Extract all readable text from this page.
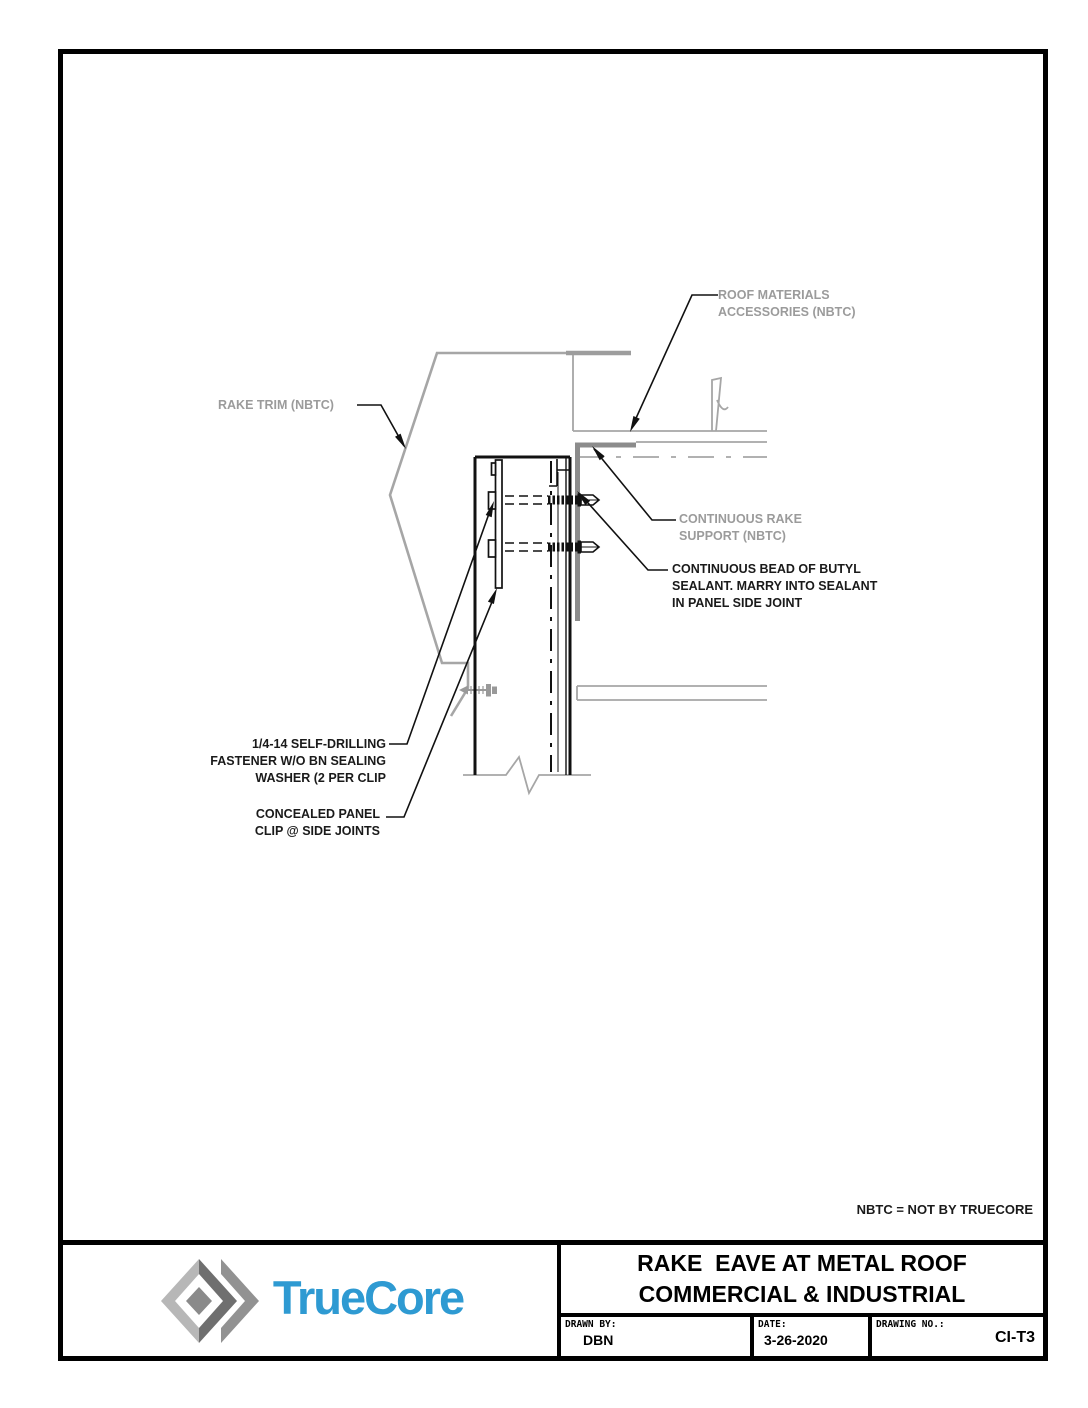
ROOF MATERIALS
ACCESSORIES (NBTC)
RAKE TRIM (NBTC)
CONTINUOUS RAKE
SUPPORT (NBTC)
CONTINUOUS BEAD OF BUTYL
SEALANT. MARRY INTO SEALANT
IN PANEL SIDE JOINT
1/4-14 SELF-DRILLING
FASTENER W/O BN SEALING
WASHER (2 PER CLIP
CONCEALED PANEL
CLIP @ SIDE JOINTS
NBTC = NOT BY TRUECORE
TrueCore
RAKE  EAVE AT METAL ROOF
COMMERCIAL & INDUSTRIAL
DRAWN BY:
DBN
DATE:
3-26-2020
DRAWING NO.:
CI-T3
